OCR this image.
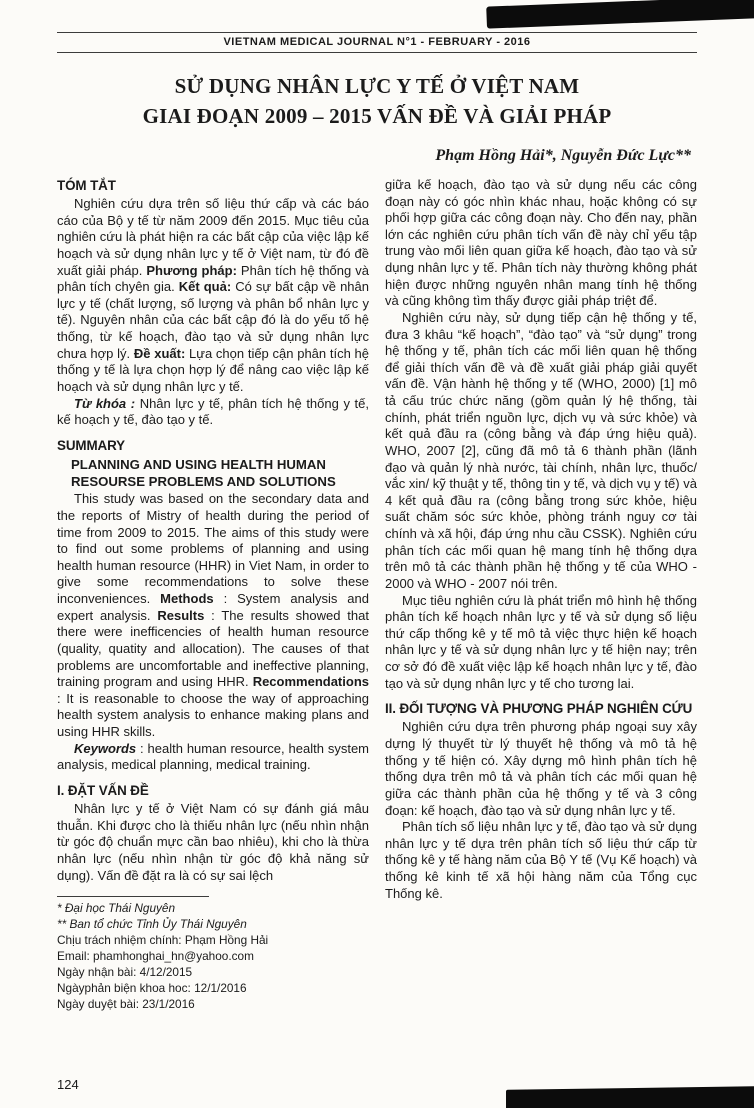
VIETNAM MEDICAL JOURNAL N°1 - FEBRUARY - 2016
SỬ DỤNG NHÂN LỰC Y TẾ Ở VIỆT NAM
GIAI ĐOẠN 2009 – 2015 VẤN ĐỀ VÀ GIẢI PHÁP
Phạm Hồng Hải*, Nguyễn Đức Lực**
TÓM TẮT

Nghiên cứu dựa trên số liệu thứ cấp và các báo cáo của Bộ y tế từ năm 2009 đến 2015. Mục tiêu của nghiên cứu là phát hiện ra các bất cập của việc lập kế hoạch và sử dụng nhân lực y tế ở Việt nam, từ đó đề xuất giải pháp. Phương pháp: Phân tích hệ thống và phân tích chyên gia. Kết quả: Có sự bất cập về nhân lực y tế (chất lượng, số lượng và phân bổ nhân lực y tế). Nguyên nhân của các bất cập đó là do yếu tố hệ thống, từ kế hoạch, đào tạo và sử dụng nhân lực chưa hợp lý. Đề xuất: Lựa chọn tiếp cận phân tích hệ thống y tế là lựa chọn hợp lý để nâng cao việc lập kế hoạch và sử dụng nhân lực y tế.

Từ khóa : Nhân lực y tế, phân tích hệ thống y tế, kế hoạch y tế, đào tạo y tế.

SUMMARY
PLANNING AND USING HEALTH HUMAN RESOURSE PROBLEMS AND SOLUTIONS

This study was based on the secondary data and the reports of Mistry of health during the period of time from 2009 to 2015. The aims of this study were to find out some problems of planning and using health human resource (HHR) in Viet Nam, in order to give some recommendations to solve these inconveniences. Methods : System analysis and expert analysis. Results : The results showed that there were inefficencies of health human resource (quality, quatity and allocation). The causes of that problems are uncomfortable and ineffective planning, training program and using HHR. Recommendations : It is reasonable to choose the way of approaching health system analysis to enhance making plans and using HHR skills.

Keywords : health human resource, health system analysis, medical planning, medical training.

I. ĐẶT VẤN ĐỀ

Nhân lực y tế ở Việt Nam có sự đánh giá mâu thuẫn. Khi được cho là thiếu nhân lực (nếu nhìn nhận từ góc độ chuẩn mực cần bao nhiêu), khi cho là thừa nhân lực (nếu nhìn nhận từ góc độ khả năng sử dụng). Vấn đề đặt ra là có sự sai lệch

* Đại học Thái Nguyên
** Ban tổ chức Tỉnh Ủy Thái Nguyên
Chịu trách nhiệm chính: Phạm Hồng Hải
Email: phamhonghai_hn@yahoo.com
Ngày nhận bài: 4/12/2015
Ngàyphản biện khoa hoc: 12/1/2016
Ngày duyệt bài: 23/1/2016

giữa kế hoạch, đào tạo và sử dụng nếu các công đoạn này có góc nhìn khác nhau, hoặc không có sự phối hợp giữa các công đoạn này. Cho đến nay, phần lớn các nghiên cứu phân tích vấn đề này chỉ yếu tập trung vào mối liên quan giữa kế hoạch, đào tạo và sử dụng nhân lực y tế. Phân tích này thường không phát hiện được những nguyên nhân mang tính hệ thống và cũng không tìm thấy được giải pháp triệt để.

Nghiên cứu này, sử dụng tiếp cận hệ thống y tế, đưa 3 khâu “kế hoạch”, “đào tạo” và “sử dụng” trong hệ thống y tế, phân tích các mối liên quan hệ thống để giải thích vấn đề và đề xuất giải pháp giải quyết vấn đề. Vận hành hệ thống y tế (WHO, 2000) [1] mô tả cấu trúc chức năng (gồm quản lý hệ thống, tài chính, phát triển nguồn lực, dịch vụ và sức khỏe) và kết quả đầu ra (công bằng và đáp ứng hiệu quả). WHO, 2007 [2], cũng đã mô tả 6 thành phần (lãnh đạo và quản lý nhà nước, tài chính, nhân lực, thuốc/ vắc xin/ kỹ thuật y tế, thông tin y tế, và dịch vụ y tế) và 4 kết quả đầu ra (công bằng trong sức khỏe, hiệu suất chăm sóc sức khỏe, phòng tránh nguy cơ tài chính và xã hội, đáp ứng nhu cầu CSSK). Nghiên cứu phân tích các mối quan hệ mang tính hệ thống dựa trên mô tả các thành phần hệ thống y tế của WHO - 2000 và WHO - 2007 nói trên.

Mục tiêu nghiên cứu là phát triển mô hình hệ thống phân tích kế hoạch nhân lực y tế và sử dụng số liệu thứ cấp thống kê y tế mô tả việc thực hiện kế hoạch nhân lực y tế và sử dụng nhân lực y tế hiện nay; trên cơ sở đó đề xuất việc lập kế hoạch nhân lực y tế, đào tạo và sử dụng nhân lực y tế cho tương lai.

II. ĐỐI TƯỢNG VÀ PHƯƠNG PHÁP NGHIÊN CỨU

Nghiên cứu dựa trên phương pháp ngoại suy xây dựng lý thuyết từ lý thuyết hệ thống và mô tả hệ thống y tế hiện có. Xây dựng mô hình phân tích hệ thống dựa trên mô tả và phân tích các mối quan hệ giữa các thành phần của hệ thống y tế và 3 công đoạn: kế hoạch, đào tạo và sử dụng nhân lực y tế.

Phân tích số liệu nhân lực y tế, đào tạo và sử dụng nhân lực y tế dựa trên phân tích số liệu thứ cấp từ thống kê y tế hàng năm của Bộ Y tế (Vụ Kế hoạch) và thống kê kinh tế xã hội hàng năm của Tổng cục Thống kê.

124
